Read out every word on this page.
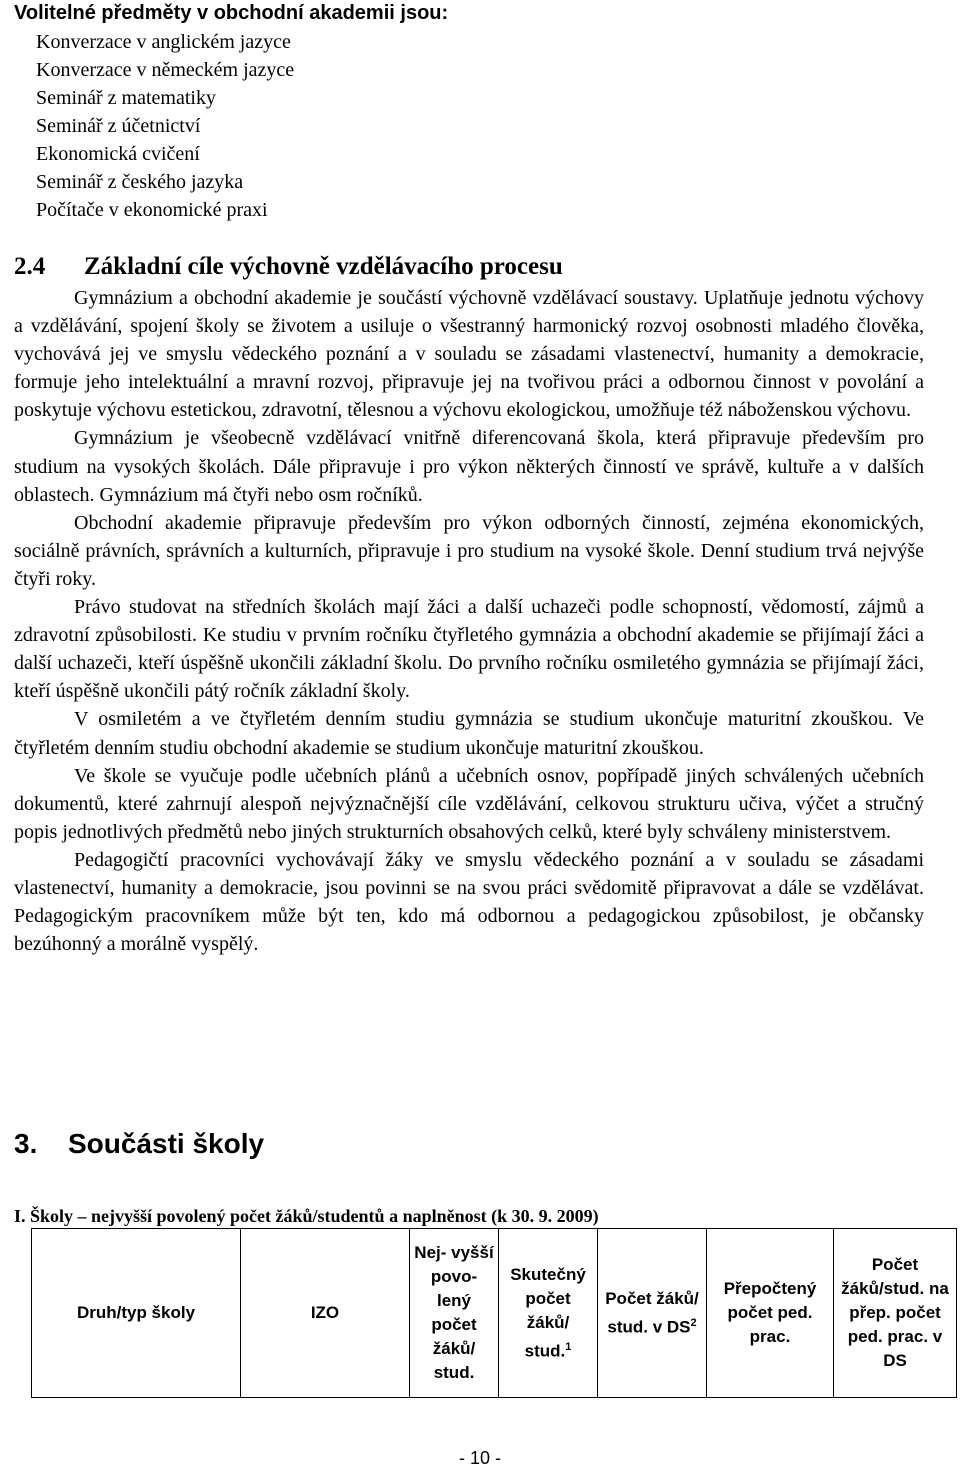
Volitelné předměty v obchodní akademii jsou:
Konverzace v anglickém jazyce
Konverzace v německém jazyce
Seminář z matematiky
Seminář z účetnictví
Ekonomická cvičení
Seminář z českého jazyka
Počítače v ekonomické praxi
2.4 Základní cíle výchovně vzdělávacího procesu

Gymnázium a obchodní akademie je součástí výchovně vzdělávací soustavy. Uplatňuje jednotu výchovy a vzdělávání, spojení školy se životem a usiluje o všestranný harmonický rozvoj osobnosti mladého člověka, vychovává jej ve smyslu vědeckého poznání a v souladu se zásadami vlastenectví, humanity a demokracie, formuje jeho intelektuální a mravní rozvoj, připravuje jej na tvořivou práci a odbornou činnost v povolání a poskytuje výchovu estetickou, zdravotní, tělesnou a výchovu ekologickou, umožňuje též náboženskou výchovu.

Gymnázium je všeobecně vzdělávací vnitřně diferencovaná škola, která připravuje především pro studium na vysokých školách. Dále připravuje i pro výkon některých činností ve správě, kultuře a v dalších oblastech. Gymnázium má čtyři nebo osm ročníků.

Obchodní akademie připravuje především pro výkon odborných činností, zejména ekonomických, sociálně právních, správních a kulturních, připravuje i pro studium na vysoké škole. Denní studium trvá nejvýše čtyři roky.

Právo studovat na středních školách mají žáci a další uchazeči podle schopností, vědomostí, zájmů a zdravotní způsobilosti. Ke studiu v prvním ročníku čtyřletého gymnázia a obchodní akademie se přijímají žáci a další uchazeči, kteří úspěšně ukončili základní školu. Do prvního ročníku osmiletého gymnázia se přijímají žáci, kteří úspěšně ukončili pátý ročník základní školy.

V osmiletém a ve čtyřletém denním studiu gymnázia se studium ukončuje maturitní zkouškou. Ve čtyřletém denním studiu obchodní akademie se studium ukončuje maturitní zkouškou.

Ve škole se vyučuje podle učebních plánů a učebních osnov, popřípadě jiných schválených učebních dokumentů, které zahrnují alespoň nejvýznačnější cíle vzdělávání, celkovou strukturu učiva, výčet a stručný popis jednotlivých předmětů nebo jiných strukturních obsahových celků, které byly schváleny ministerstvem.

Pedagogičtí pracovníci vychovávají žáky ve smyslu vědeckého poznání a v souladu se zásadami vlastenectví, humanity a demokracie, jsou povinni se na svou práci svědomitě připravovat a dále se vzdělávat. Pedagogickým pracovníkem může být ten, kdo má odbornou a pedagogickou způsobilost, je občansky bezúhonný a morálně vyspělý.

3. Součásti školy
I. Školy – nejvyšší povolený počet žáků/studentů a naplněnost (k 30. 9. 2009)
Druh/typ školy	IZO	Nej- vyšší povo- lený počet žáků/ stud.	Skutečný počet žáků/ stud.$^1$	Počet žáků/ stud. v $DS^2$	Přepočtený počet ped. prac.	Počet žáků/stud. na přep. počet ped. prac. v DS
- 10 -
